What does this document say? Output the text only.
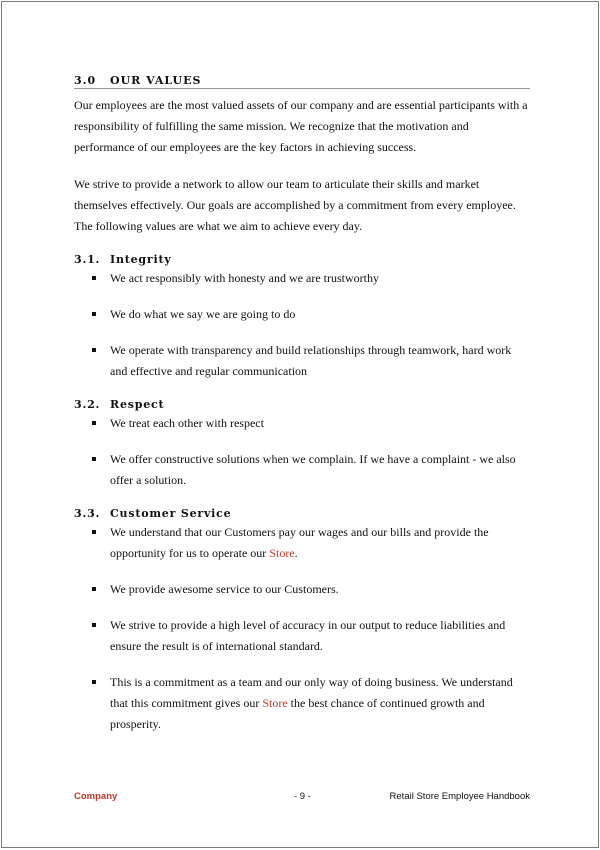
3.0	OUR VALUES

Our employees are the most valued assets of our company and are essential participants with a responsibility of fulfilling the same mission. We recognize that the motivation and performance of our employees are the key factors in achieving success.

We strive to provide a network to allow our team to articulate their skills and market themselves effectively. Our goals are accomplished by a commitment from every employee. The following values are what we aim to achieve every day.

3.1. Integrity
We act responsibly with honesty and we are trustworthy
We do what we say we are going to do
We operate with transparency and build relationships through teamwork, hard work and effective and regular communication
3.2. Respect
We treat each other with respect
We offer constructive solutions when we complain. If we have a complaint - we also offer a solution.
3.3. Customer Service
We understand that our Customers pay our wages and our bills and provide the opportunity for us to operate our Store.
We provide awesome service to our Customers.
We strive to provide a high level of accuracy in our output to reduce liabilities and ensure the result is of international standard.
This is a commitment as a team and our only way of doing business. We understand that this commitment gives our Store the best chance of continued growth and prosperity.
Company	- 9 -	Retail Store Employee Handbook
